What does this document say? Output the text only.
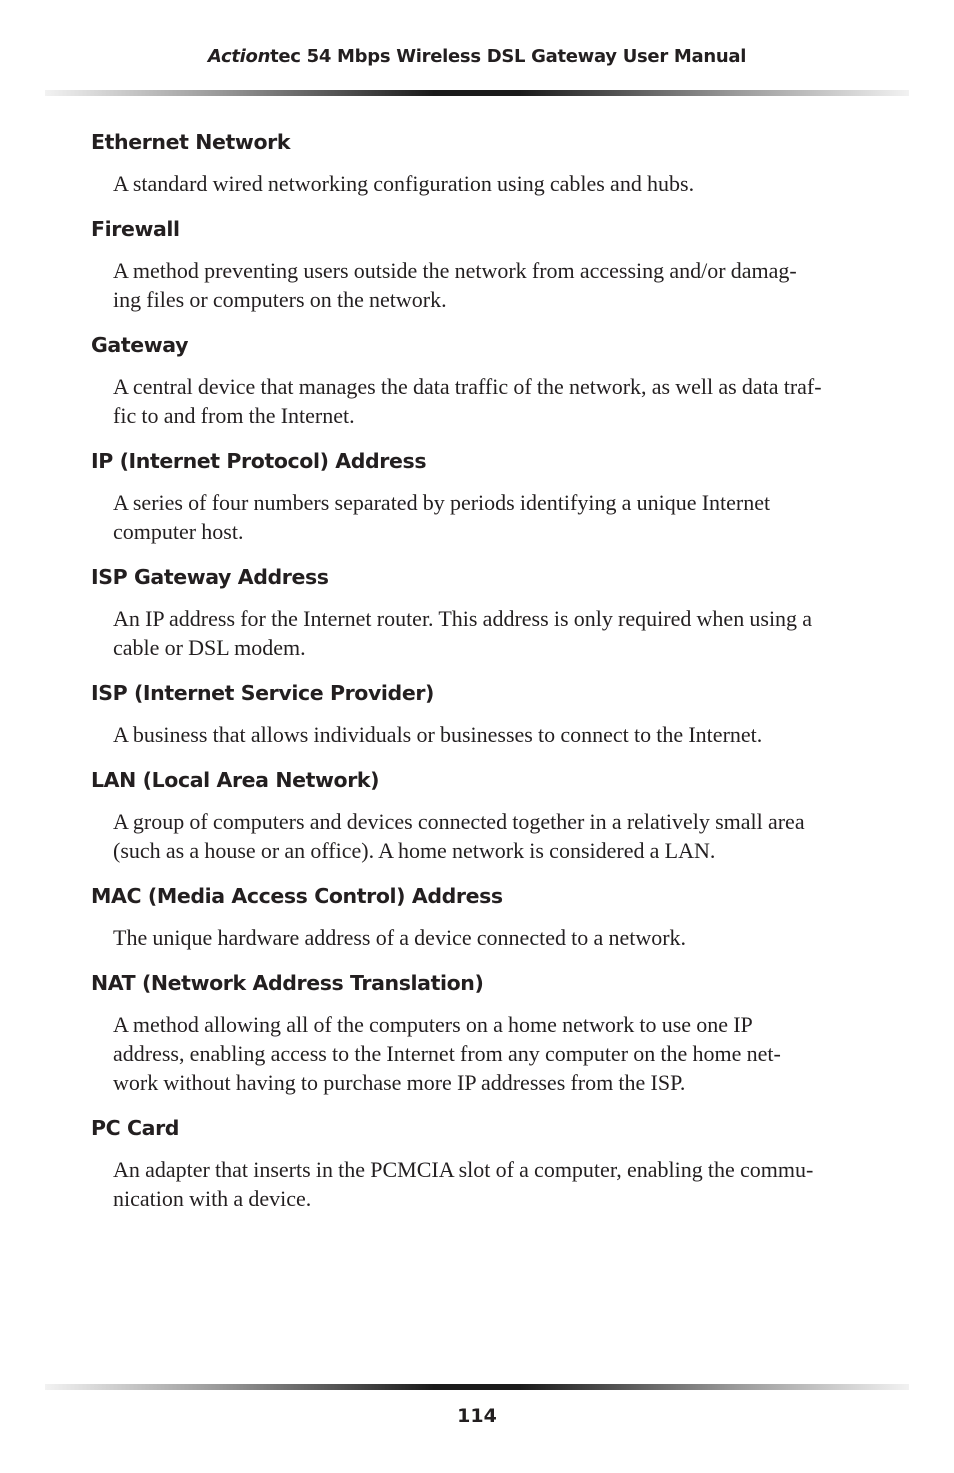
Actiontec 54 Mbps Wireless DSL Gateway User Manual
Ethernet Network
A standard wired networking configuration using cables and hubs.
Firewall
A method preventing users outside the network from accessing and/or damag-
ing files or computers on the network.
Gateway
A central device that manages the data traffic of the network, as well as data traf-
fic to and from the Internet.
IP (Internet Protocol) Address
A series of four numbers separated by periods identifying a unique Internet
computer host.
ISP Gateway Address
An IP address for the Internet router. This address is only required when using a
cable or DSL modem.
ISP (Internet Service Provider)
A business that allows individuals or businesses to connect to the Internet.
LAN (Local Area Network)
A group of computers and devices connected together in a relatively small area
(such as a house or an office). A home network is considered a LAN.
MAC (Media Access Control) Address
The unique hardware address of a device connected to a network.
NAT (Network Address Translation)
A method allowing all of the computers on a home network to use one IP
address, enabling access to the Internet from any computer on the home net-
work without having to purchase more IP addresses from the ISP.
PC Card
An adapter that inserts in the PCMCIA slot of a computer, enabling the commu-
nication with a device.
114
